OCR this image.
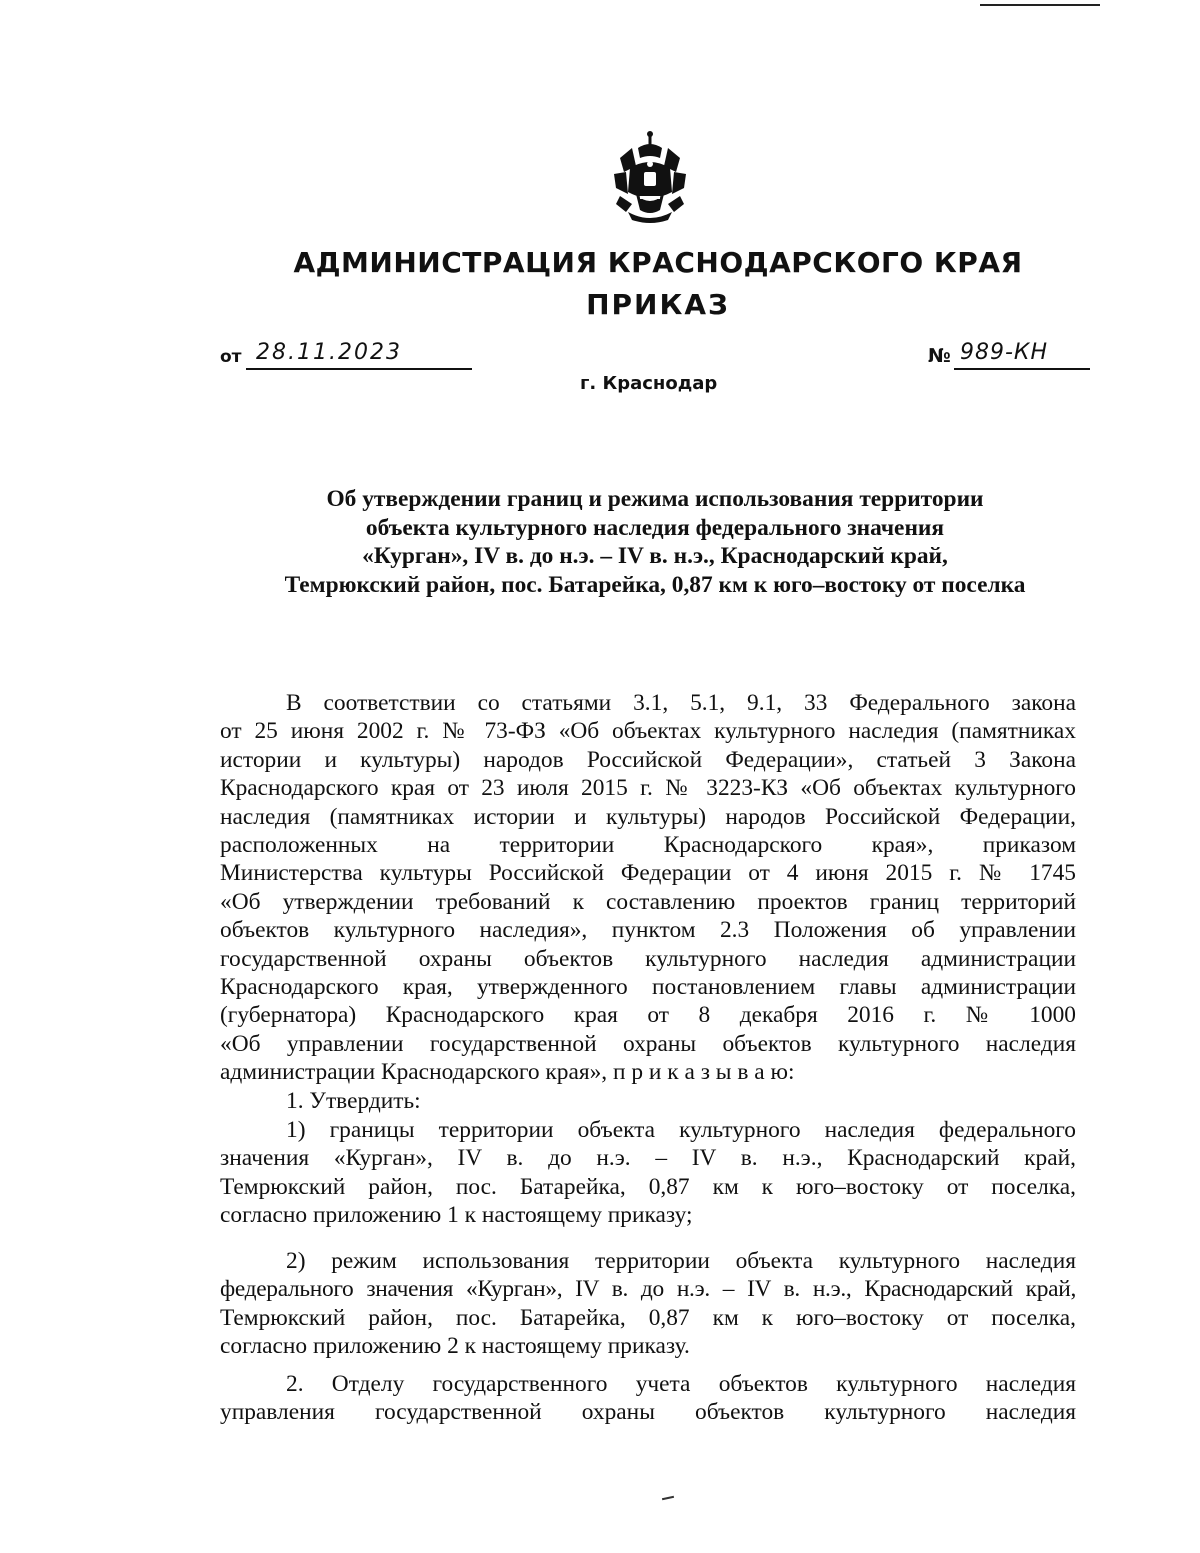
АДМИНИСТРАЦИЯ КРАСНОДАРСКОГО КРАЯ
ПРИКАЗ
от 28.11.2023	№ 989-КН
г. Краснодар
Об утверждении границ и режима использования территории
объекта культурного наследия федерального значения
«Курган», IV в. до н.э. – IV в. н.э., Краснодарский край,
Темрюкский район, пос. Батарейка, 0,87 км к юго–востоку от поселка
В соответствии со статьями 3.1, 5.1, 9.1, 33 Федерального закона
от 25 июня 2002 г. № 73-ФЗ «Об объектах культурного наследия (памятниках
истории и культуры) народов Российской Федерации», статьей 3 Закона
Краснодарского края от 23 июля 2015 г. № 3223-КЗ «Об объектах культурного
наследия (памятниках истории и культуры) народов Российской Федерации,
расположенных на территории Краснодарского края», приказом
Министерства культуры Российской Федерации от 4 июня 2015 г. № 1745
«Об утверждении требований к составлению проектов границ территорий
объектов культурного наследия», пунктом 2.3 Положения об управлении
государственной охраны объектов культурного наследия администрации
Краснодарского края, утвержденного постановлением главы администрации
(губернатора) Краснодарского края от 8 декабря 2016 г. № 1000
«Об управлении государственной охраны объектов культурного наследия
администрации Краснодарского края», п р и к а з ы в а ю:
1. Утвердить:
1) границы территории объекта культурного наследия федерального
значения «Курган», IV в. до н.э. – IV в. н.э., Краснодарский край,
Темрюкский район, пос. Батарейка, 0,87 км к юго–востоку от поселка,
согласно приложению 1 к настоящему приказу;
2) режим использования территории объекта культурного наследия
федерального значения «Курган», IV в. до н.э. – IV в. н.э., Краснодарский край,
Темрюкский район, пос. Батарейка, 0,87 км к юго–востоку от поселка,
согласно приложению 2 к настоящему приказу.
2. Отделу государственного учета объектов культурного наследия
управления государственной охраны объектов культурного наследия
